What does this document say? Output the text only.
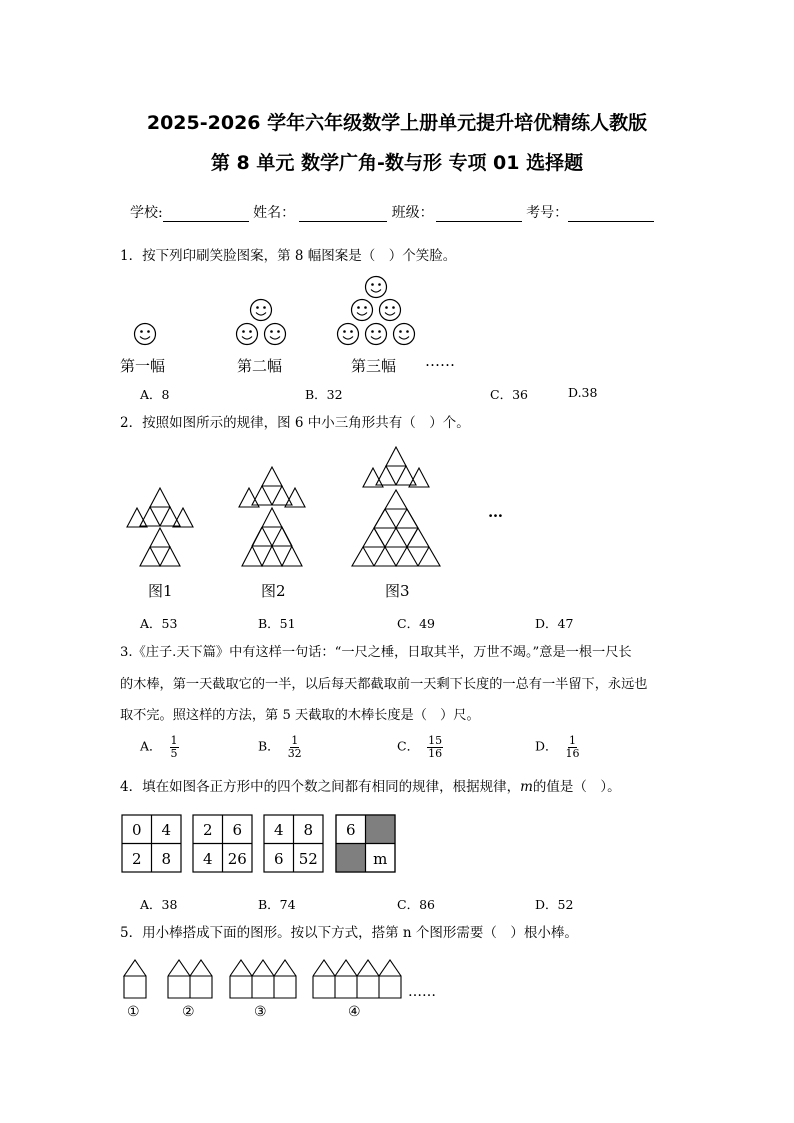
2025-2026 学年六年级数学上册单元提升培优精练人教版
第 8 单元 数学广角-数与形 专项 01 选择题
学校:	姓名：	班级：	考号：
1．按下列印刷笑脸图案，第 8 幅图案是（　）个笑脸。
第一幅	第二幅	第三幅 ……
A．8	B．32	C．36	D.38
2．按照如图所示的规律，图 6 中小三角形共有（　）个。
…
图1	图2	图3
A．53	B．51	C．49	D．47
3.《庄子.天下篇》中有这样一句话：“一尺之棰，日取其半，万世不竭。”意是一根一尺长
的木棒，第一天截取它的一半，以后每天都截取前一天剩下长度的一总有一半留下，永远也
取不完。照这样的方法，第 5 天截取的木棒长度是（　）尺。
A． $\frac{1}{5}$	B． $\frac{1}{32}$	C． $\frac{15}{16}$	D． $\frac{1}{16}$
4．填在如图各正方形中的四个数之间都有相同的规律，根据规律，m的值是（　）。
0 4
2 8
2 6
4 26
4 8
6 52
6
m
A．38	B．74	C．86	D．52
5．用小棒搭成下面的图形。按以下方式，搭第 n 个图形需要（　）根小棒。
……
①	②	③	④
